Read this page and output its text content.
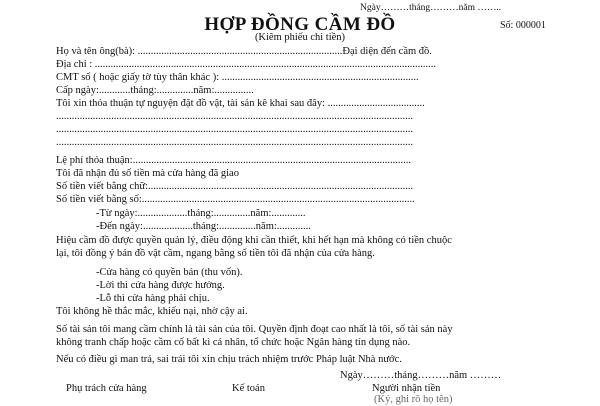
Ngày………tháng………năm ……..
HỢP ĐỒNG CẦM ĐỒ
(Kiêm phiếu chi tiền)
Số: 000001
Họ và tên ông(bà): ..............................................................................Đại diện đến cầm đồ.
Địa chỉ : ..................................................................................................................................
CMT số ( hoặc giấy tờ tùy thân khác ): ...........................................................................
Cấp ngày:............tháng:..............năm:...............
Tôi xin thỏa thuận tự nguyện đặt đồ vật, tài sản kê khai sau đây: .....................................
........................................................................................................................................
........................................................................................................................................
........................................................................................................................................
Lệ phí thỏa thuận:..........................................................................................................
Tôi đã nhận đủ số tiền mà cửa hàng đã giao
Số tiền viết bằng chữ:.....................................................................................................
Số tiền viết bằng số:........................................................................................................
-Từ ngày:...................tháng:..............năm:.............
-Đến ngày:...................tháng:..............năm:.............
Hiệu cầm đồ được quyền quản lý, điều động khi cần thiết, khi hết hạn mà không có tiền chuộc
lại, tôi đồng ý bán đồ vật cầm, ngang bằng số tiền tôi đã nhận của cửa hàng.
-Cửa hàng có quyền bán (thu vốn).
-Lời thì cửa hàng được hưởng.
-Lỗ thì cửa hàng phải chịu.
Tôi không hề thắc mắc, khiếu nại, nhờ cậy ai.
Số tài sản tôi mang cầm chính là tài sản của tôi. Quyền định đoạt cao nhất là tôi, số tài sản này
không tranh chấp hoặc cầm cố bất kì cá nhân, tổ chức hoặc Ngân hàng tín dụng nào.
Nếu có điều gì man trá, sai trái tôi xin chịu trách nhiệm trước Pháp luật Nhà nước.
Ngày………tháng………năm ………
Phụ trách cửa hàng	Kế toán	Người nhận tiền
(Ký, ghi rõ họ tên)
